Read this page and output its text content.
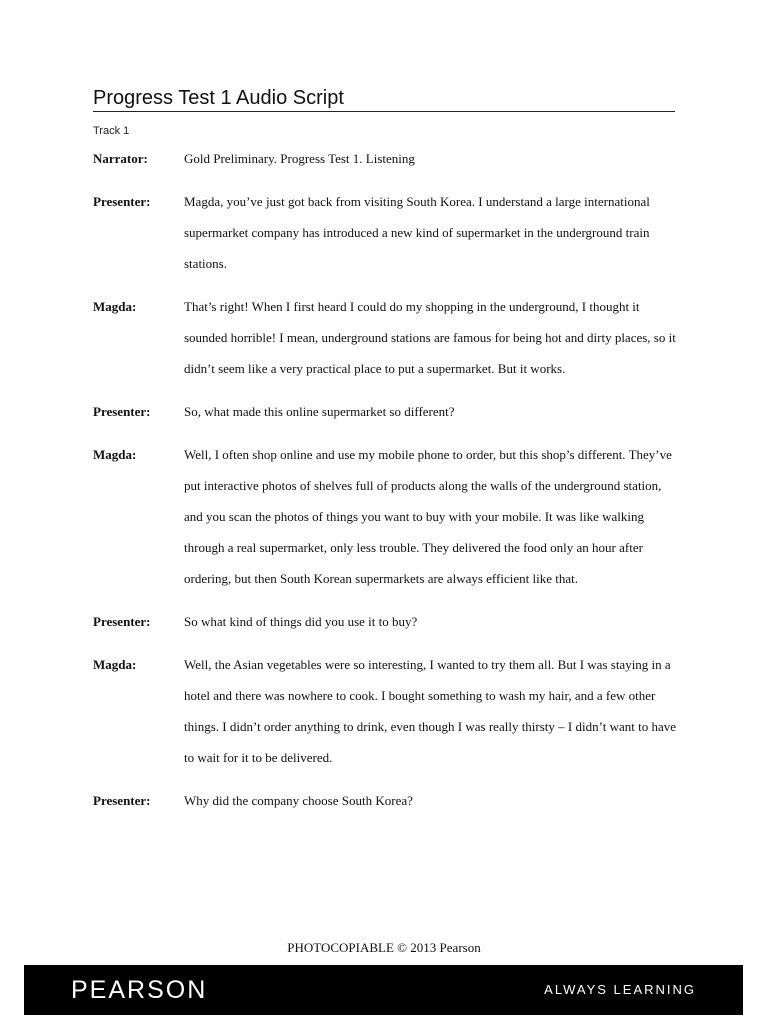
Progress Test 1 Audio Script
Track 1
Narrator:	Gold Preliminary. Progress Test 1. Listening
Presenter:	Magda, you’ve just got back from visiting South Korea. I understand a large international supermarket company has introduced a new kind of supermarket in the underground train stations.
Magda:	That’s right! When I first heard I could do my shopping in the underground, I thought it sounded horrible! I mean, underground stations are famous for being hot and dirty places, so it didn’t seem like a very practical place to put a supermarket. But it works.
Presenter:	So, what made this online supermarket so different?
Magda:	Well, I often shop online and use my mobile phone to order, but this shop’s different. They’ve put interactive photos of shelves full of products along the walls of the underground station, and you scan the photos of things you want to buy with your mobile. It was like walking through a real supermarket, only less trouble. They delivered the food only an hour after ordering, but then South Korean supermarkets are always efficient like that.
Presenter:	So what kind of things did you use it to buy?
Magda:	Well, the Asian vegetables were so interesting, I wanted to try them all. But I was staying in a hotel and there was nowhere to cook. I bought something to wash my hair, and a few other things. I didn’t order anything to drink, even though I was really thirsty – I didn’t want to have to wait for it to be delivered.
Presenter:	Why did the company choose South Korea?
PHOTOCOPIABLE © 2013 Pearson
PEARSON	ALWAYS LEARNING
